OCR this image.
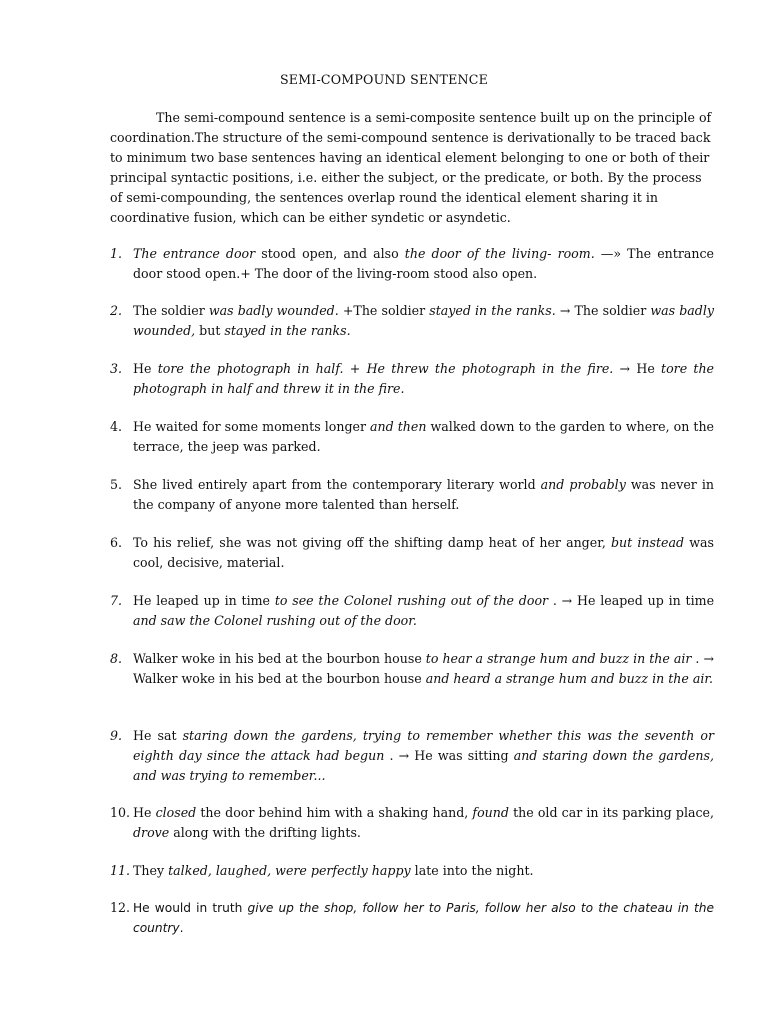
SEMI-COMPOUND SENTENCE

The semi-compound sentence is a semi-composite sentence built up on the principle of coordination.The structure of the semi-compound sentence is derivationally to be traced back to minimum two base sentences having an identical element belonging to one or both of their principal syntactic positions, i.e. either the subject, or the predicate, or both. By the process of semi-compounding, the sentences overlap round the identical element sharing it in coordinative fusion, which can be either syndetic or asyndetic.

1. The entrance door stood open, and also the door of the living- room. —» The entrance door stood open.+ The door of the living-room stood also open.
2. The soldier was badly wounded. +The soldier stayed in the ranks. → The soldier was badly wounded, but stayed in the ranks.
3. He tore the photograph in half. + He threw the photograph in the fire. → He tore the photograph in half and threw it in the fire.
4. He waited for some moments longer and then walked down to the garden to where, on the terrace, the jeep was parked.
5. She lived entirely apart from the contemporary literary world and probably was never in the company of anyone more talented than herself.
6. To his relief, she was not giving off the shifting damp heat of her anger, but instead was cool, decisive, material.
7. He leaped up in time to see the Colonel rushing out of the door . → He leaped up in time and saw the Colonel rushing out of the door.
8. Walker woke in his bed at the bourbon house to hear a strange hum and buzz in the air . → Walker woke in his bed at the bourbon house and heard a strange hum and buzz in the air.
9. He sat staring down the gardens, trying to remember whether this was the seventh or eighth day since the attack had begun . → He was sitting and staring down the gardens, and was trying to remember...
10. He closed the door behind him with a shaking hand, found the old car in its parking place, drove along with the drifting lights.
11. They talked, laughed, were perfectly happy late into the night.
12. He would in truth give up the shop, follow her to Paris, follow her also to the chateau in the country.
